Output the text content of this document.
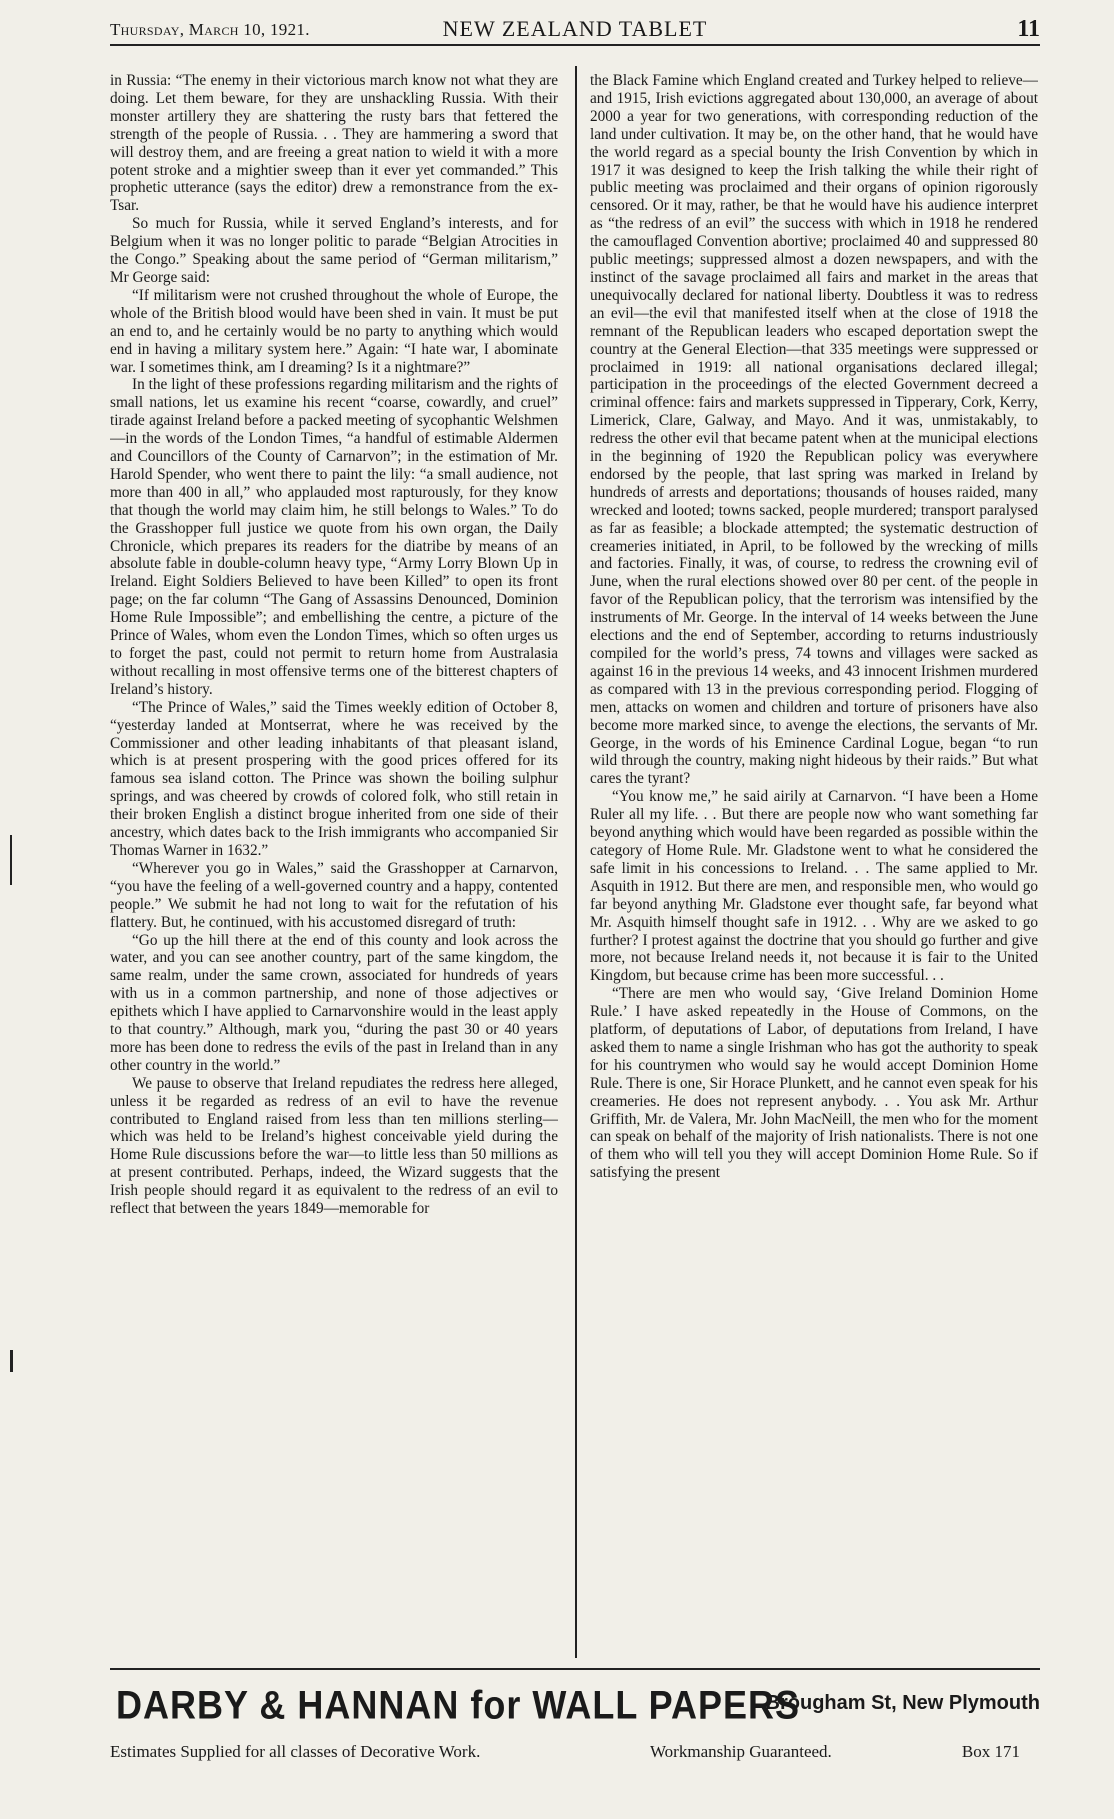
Thursday, March 10, 1921.	NEW ZEALAND TABLET	11

in Russia: “The enemy in their victorious march know not what they are doing. Let them beware, for they are unshackling Russia. With their monster artillery they are shattering the rusty bars that fettered the strength of the people of Russia. . . They are hammering a sword that will destroy them, and are freeing a great nation to wield it with a more potent stroke and a mightier sweep than it ever yet commanded.” This prophetic utterance (says the editor) drew a remonstrance from the ex-Tsar.

So much for Russia, while it served England’s interests, and for Belgium when it was no longer politic to parade “Belgian Atrocities in the Congo.” Speaking about the same period of “German militarism,” Mr George said:

“If militarism were not crushed throughout the whole of Europe, the whole of the British blood would have been shed in vain. It must be put an end to, and he certainly would be no party to anything which would end in having a military system here.” Again: “I hate war, I abominate war. I sometimes think, am I dreaming? Is it a nightmare?”

In the light of these professions regarding militarism and the rights of small nations, let us examine his recent “coarse, cowardly, and cruel” tirade against Ireland before a packed meeting of sycophantic Welshmen—in the words of the London Times, “a handful of estimable Aldermen and Councillors of the County of Carnarvon”; in the estimation of Mr. Harold Spender, who went there to paint the lily: “a small audience, not more than 400 in all,” who applauded most rapturously, for they know that though the world may claim him, he still belongs to Wales.” To do the Grasshopper full justice we quote from his own organ, the Daily Chronicle, which prepares its readers for the diatribe by means of an absolute fable in double-column heavy type, “Army Lorry Blown Up in Ireland. Eight Soldiers Believed to have been Killed” to open its front page; on the far column “The Gang of Assassins Denounced, Dominion Home Rule Impossible”; and embellishing the centre, a picture of the Prince of Wales, whom even the London Times, which so often urges us to forget the past, could not permit to return home from Australasia without recalling in most offensive terms one of the bitterest chapters of Ireland’s history.

“The Prince of Wales,” said the Times weekly edition of October 8, “yesterday landed at Montserrat, where he was received by the Commissioner and other leading inhabitants of that pleasant island, which is at present prospering with the good prices offered for its famous sea island cotton. The Prince was shown the boiling sulphur springs, and was cheered by crowds of colored folk, who still retain in their broken English a distinct brogue inherited from one side of their ancestry, which dates back to the Irish immigrants who accompanied Sir Thomas Warner in 1632.”

“Wherever you go in Wales,” said the Grasshopper at Carnarvon, “you have the feeling of a well-governed country and a happy, contented people.” We submit he had not long to wait for the refutation of his flattery. But, he continued, with his accustomed disregard of truth:

“Go up the hill there at the end of this county and look across the water, and you can see another country, part of the same kingdom, the same realm, under the same crown, associated for hundreds of years with us in a common partnership, and none of those adjectives or epithets which I have applied to Carnarvonshire would in the least apply to that country.” Although, mark you, “during the past 30 or 40 years more has been done to redress the evils of the past in Ireland than in any other country in the world.”

We pause to observe that Ireland repudiates the redress here alleged, unless it be regarded as redress of an evil to have the revenue contributed to England raised from less than ten millions sterling—which was held to be Ireland’s highest conceivable yield during the Home Rule discussions before the war—to little less than 50 millions as at present contributed. Perhaps, indeed, the Wizard suggests that the Irish people should regard it as equivalent to the redress of an evil to reflect that between the years 1849—memorable for

the Black Famine which England created and Turkey helped to relieve—and 1915, Irish evictions aggregated about 130,000, an average of about 2000 a year for two generations, with corresponding reduction of the land under cultivation. It may be, on the other hand, that he would have the world regard as a special bounty the Irish Convention by which in 1917 it was designed to keep the Irish talking the while their right of public meeting was proclaimed and their organs of opinion rigorously censored. Or it may, rather, be that he would have his audience interpret as “the redress of an evil” the success with which in 1918 he rendered the camouflaged Convention abortive; proclaimed 40 and suppressed 80 public meetings; suppressed almost a dozen newspapers, and with the instinct of the savage proclaimed all fairs and market in the areas that unequivocally declared for national liberty. Doubtless it was to redress an evil—the evil that manifested itself when at the close of 1918 the remnant of the Republican leaders who escaped deportation swept the country at the General Election—that 335 meetings were suppressed or proclaimed in 1919: all national organisations declared illegal; participation in the proceedings of the elected Government decreed a criminal offence: fairs and markets suppressed in Tipperary, Cork, Kerry, Limerick, Clare, Galway, and Mayo. And it was, unmistakably, to redress the other evil that became patent when at the municipal elections in the beginning of 1920 the Republican policy was everywhere endorsed by the people, that last spring was marked in Ireland by hundreds of arrests and deportations; thousands of houses raided, many wrecked and looted; towns sacked, people murdered; transport paralysed as far as feasible; a blockade attempted; the systematic destruction of creameries initiated, in April, to be followed by the wrecking of mills and factories. Finally, it was, of course, to redress the crowning evil of June, when the rural elections showed over 80 per cent. of the people in favor of the Republican policy, that the terrorism was intensified by the instruments of Mr. George. In the interval of 14 weeks between the June elections and the end of September, according to returns industriously compiled for the world’s press, 74 towns and villages were sacked as against 16 in the previous 14 weeks, and 43 innocent Irishmen murdered as compared with 13 in the previous corresponding period. Flogging of men, attacks on women and children and torture of prisoners have also become more marked since, to avenge the elections, the servants of Mr. George, in the words of his Eminence Cardinal Logue, began “to run wild through the country, making night hideous by their raids.” But what cares the tyrant?

“You know me,” he said airily at Carnarvon. “I have been a Home Ruler all my life. . . But there are people now who want something far beyond anything which would have been regarded as possible within the category of Home Rule. Mr. Gladstone went to what he considered the safe limit in his concessions to Ireland. . . The same applied to Mr. Asquith in 1912. But there are men, and responsible men, who would go far beyond anything Mr. Gladstone ever thought safe, far beyond what Mr. Asquith himself thought safe in 1912. . . Why are we asked to go further? I protest against the doctrine that you should go further and give more, not because Ireland needs it, not because it is fair to the United Kingdom, but because crime has been more successful. . .

“There are men who would say, ‘Give Ireland Dominion Home Rule.’ I have asked repeatedly in the House of Commons, on the platform, of deputations of Labor, of deputations from Ireland, I have asked them to name a single Irishman who has got the authority to speak for his countrymen who would say he would accept Dominion Home Rule. There is one, Sir Horace Plunkett, and he cannot even speak for his creameries. He does not represent anybody. . . You ask Mr. Arthur Griffith, Mr. de Valera, Mr. John MacNeill, the men who for the moment can speak on behalf of the majority of Irish nationalists. There is not one of them who will tell you they will accept Dominion Home Rule. So if satisfying the present

DARBY & HANNAN for WALL PAPERS
Brougham St, New Plymouth
Estimates Supplied for all classes of Decorative Work.	Workmanship Guaranteed.	Box 171
